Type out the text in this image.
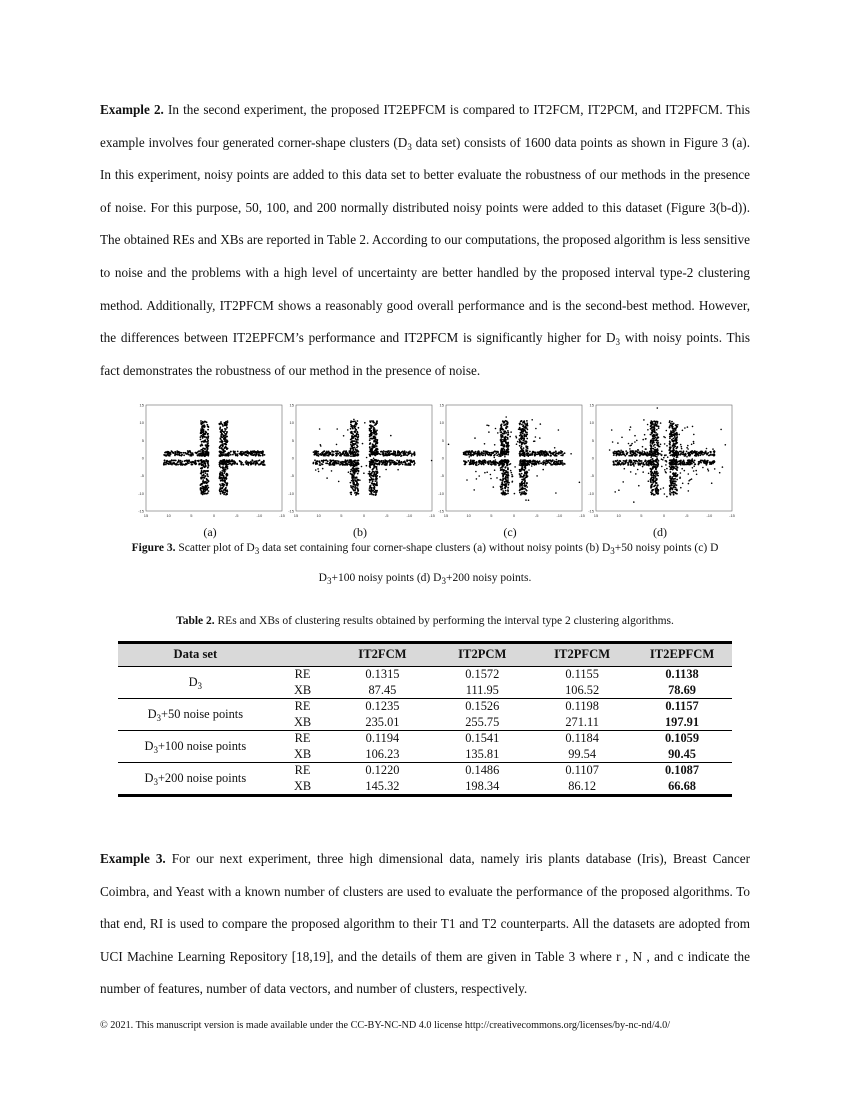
Example 2. In the second experiment, the proposed IT2EPFCM is compared to IT2FCM, IT2PCM, and IT2PFCM. This example involves four generated corner-shape clusters ($D_3$ data set) consists of 1600 data points as shown in Figure 3 (a). In this experiment, noisy points are added to this data set to better evaluate the robustness of our methods in the presence of noise. For this purpose, 50, 100, and 200 normally distributed noisy points were added to this dataset (Figure 3(b-d)). The obtained REs and XBs are reported in Table 2. According to our computations, the proposed algorithm is less sensitive to noise and the problems with a high level of uncertainty are better handled by the proposed interval type-2 clustering method. Additionally, IT2PFCM shows a reasonably good overall performance and is the second-best method. However, the differences between IT2EPFCM’s performance and IT2PFCM is significantly higher for $D_3$ with noisy points. This fact demonstrates the robustness of our method in the presence of noise.
15
-15
10
-10
5
-5
0
0
-5
5
-10
10
-15
15
15
-15
10
-10
5
-5
0
0
-5
5
-10
10
-15
15
15
-15
10
-10
5
-5
0
0
-5
5
-10
10
-15
15
15
-15
10
-10
5
-5
0
0
-5
5
-10
10
-15
15
(a)	(b)	(c)	(d)
Figure 3. Scatter plot of $D_3$ data set containing four corner-shape clusters (a) without noisy points (b) $D_3+50$ noisy points (c) D
$D_3+100$ noisy points (d) $D_3+200$ noisy points.
Table 2. REs and XBs of clustering results obtained by performing the interval type 2 clustering algorithms.
Data set		IT2FCM	IT2PCM	IT2PFCM	IT2EPFCM
$D_3$	RE	0.1315	0.1572	0.1155	0.1138
	XB	87.45	111.95	106.52	78.69
$D_3+50$ noise points	RE	0.1235	0.1526	0.1198	0.1157
	XB	235.01	255.75	271.11	197.91
$D_3+100$ noise points	RE	0.1194	0.1541	0.1184	0.1059
	XB	106.23	135.81	99.54	90.45
$D_3+200$ noise points	RE	0.1220	0.1486	0.1107	0.1087
	XB	145.32	198.34	86.12	66.68
Example 3. For our next experiment, three high dimensional data, namely iris plants database (Iris), Breast Cancer Coimbra, and Yeast with a known number of clusters are used to evaluate the performance of the proposed algorithms. To that end, RI is used to compare the proposed algorithm to their T1 and T2 counterparts. All the datasets are adopted from UCI Machine Learning Repository [18,19], and the details of them are given in Table 3 where r , N , and c indicate the number of features, number of data vectors, and number of clusters, respectively.
© 2021. This manuscript version is made available under the CC-BY-NC-ND 4.0 license http://creativecommons.org/licenses/by-nc-nd/4.0/
